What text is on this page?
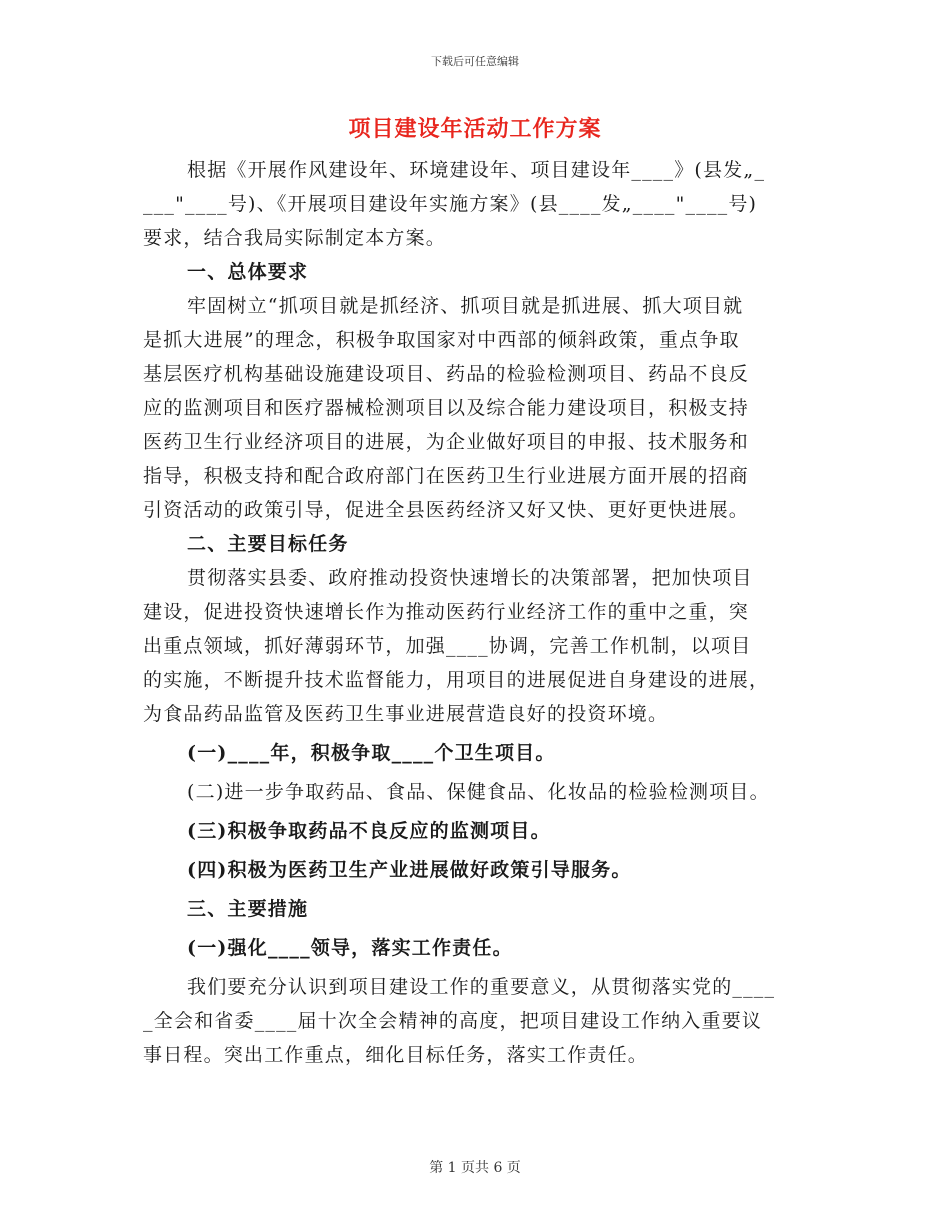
下载后可任意编辑
项目建设年活动工作方案
根据《开展作风建设年、环境建设年、项目建设年____》(县发„_
___"____号)、《开展项目建设年实施方案》(县____发„____"____号)
要求，结合我局实际制定本方案。
一、总体要求
牢固树立“抓项目就是抓经济、抓项目就是抓进展、抓大项目就
是抓大进展”的理念，积极争取国家对中西部的倾斜政策，重点争取
基层医疗机构基础设施建设项目、药品的检验检测项目、药品不良反
应的监测项目和医疗器械检测项目以及综合能力建设项目，积极支持
医药卫生行业经济项目的进展，为企业做好项目的申报、技术服务和
指导，积极支持和配合政府部门在医药卫生行业进展方面开展的招商
引资活动的政策引导，促进全县医药经济又好又快、更好更快进展。
二、主要目标任务
贯彻落实县委、政府推动投资快速增长的决策部署，把加快项目
建设，促进投资快速增长作为推动医药行业经济工作的重中之重，突
出重点领域，抓好薄弱环节，加强____协调，完善工作机制，以项目
的实施，不断提升技术监督能力，用项目的进展促进自身建设的进展，
为食品药品监管及医药卫生事业进展营造良好的投资环境。
(一)____年，积极争取____个卫生项目。
(二)进一步争取药品、食品、保健食品、化妆品的检验检测项目。
(三)积极争取药品不良反应的监测项目。
(四)积极为医药卫生产业进展做好政策引导服务。
三、主要措施
(一)强化____领导，落实工作责任。
我们要充分认识到项目建设工作的重要意义，从贯彻落实党的____
_全会和省委____届十次全会精神的高度，把项目建设工作纳入重要议
事日程。突出工作重点，细化目标任务，落实工作责任。
第 1 页共 6 页
